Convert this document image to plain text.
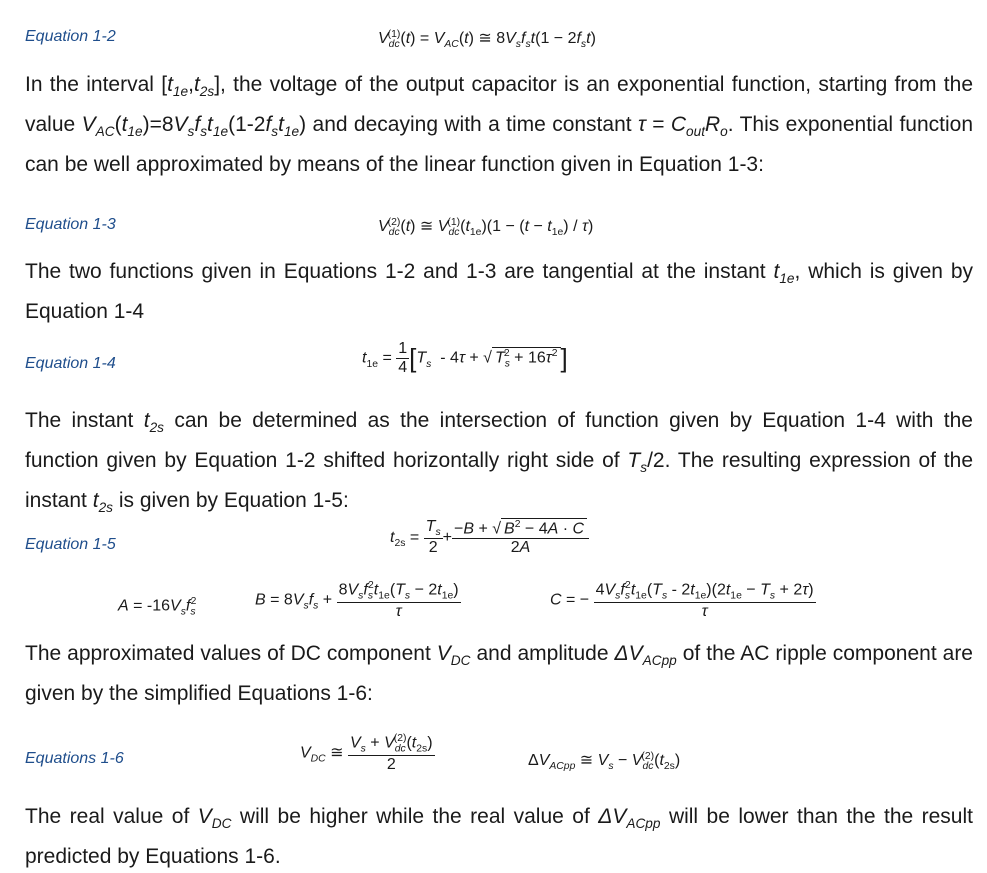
Equation 1-2	$V_{dc}^{(1)}(t) = V_{AC}(t)$ ≅ $8V_sf_st(1 - 2f_st)$
In the interval $[t_{1e},t_{2s}]$, the voltage of the output capacitor is an exponential function, starting from the value $V_{AC}(t_{1e})=8V_sf_st_{1e}(1-2f_st_{1e})$ and decaying with a time constant $\tau = C_{out}R_o$. This exponential function can be well approximated by means of the linear function given in Equation 1-3:
Equation 1-3	$V_{dc}^{(2)}(t)$ ≅ $V_{dc}^{(1)}(t_{1e})(1 - (t - t_{1e}) / \tau)$
The two functions given in Equations 1-2 and 1-3 are tangential at the instant $t_{1e}$, which is given by Equation 1-4
Equation 1-4	$t_{1e} = \frac{1}{4} [T_s - 4\tau$ + √ $T_s^2 + 16\tau^2$ ]
The instant $t_{2s}$ can be determined as the intersection of function given by Equation 1-4 with the function given by Equation 1-2 shifted horizontally right side of $T_s/2$. The resulting expression of the instant $t_{2s}$ is given by Equation 1-5:
Equation 1-5	$t_{2s} = \frac{T_s}{2} + \frac{-B + √ B^2 - 4A \cdot C}{2A}$
$A = -16V_sf_s^2$	$B = 8V_sf_s + \frac{8V_sf_s^2t_{1e}(T_s - 2t_{1e})}{\tau}$	C = − $\frac{4V_sf_s^2t_{1e}(T_s - 2t_{1e})(2t_{1e} - T_s + 2\tau)}{\tau}$
The approximated values of DC component $V_{DC}$ and amplitude $\Delta V_{ACpp}$ of the AC ripple component are given by the simplified Equations 1-6:
Equations 1-6	$V_{DC}$ ≅ $\frac{V_s + V_{dc}^{(2)}(t_{2s})}{2}$	$\Delta V_{ACpp}$ ≅ $V_s - V_{dc}^{(2)}(t_{2s})$
The real value of $V_{DC}$ will be higher while the real value of $\Delta V_{ACpp}$ will be lower than the the result predicted by Equations 1-6.
